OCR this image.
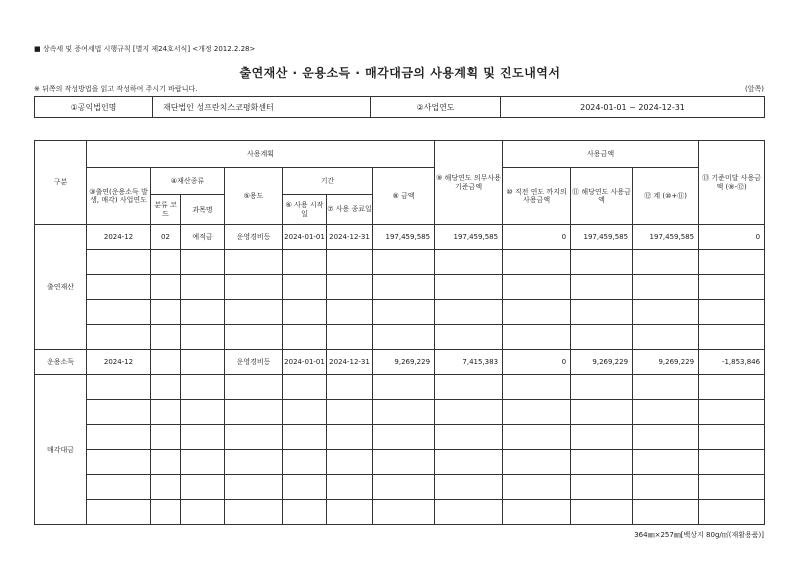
■ 상속세 및 증여세법 시행규칙 [별지 제24호서식] <개정 2012.2.28>
출연재산 · 운용소득 · 매각대금의 사용계획 및 진도내역서
※ 뒤쪽의 작성방법을 읽고 작성하여 주시기 바랍니다.	(앞쪽)
①공익법인명	재단법인 성프란치스코평화센터	②사업연도	2024-01-01 ~ 2024-12-31
구분	사용계획							⑨ 해당연도 의무사용 기준금액	사용금액			⑬ 기준미달 사용금액 (⑨-⑫)
	③출연(운용소득 발생, 매각) 사업연도	④재산종류		⑤용도	기간		⑧ 금액		⑩ 직전 연도 까지의 사용금액	⑪ 해당연도 사용금액	⑫ 계 (⑩+⑪)	
		분류 코드	과목명		⑥ 사용 시작일	⑦ 사용 종료일						

출연재산	2024-12	02	예적금	운영경비등	2024-01-01	2024-12-31	197,459,585	197,459,585	0	197,459,585	197,459,585	0

운용소득	2024-12			운영경비등	2024-01-01	2024-12-31	9,269,229	7,415,383	0	9,269,229	9,269,229	-1,853,846
매각대금												

364㎜×257㎜[백상지 80g/㎡(재활용품)]
